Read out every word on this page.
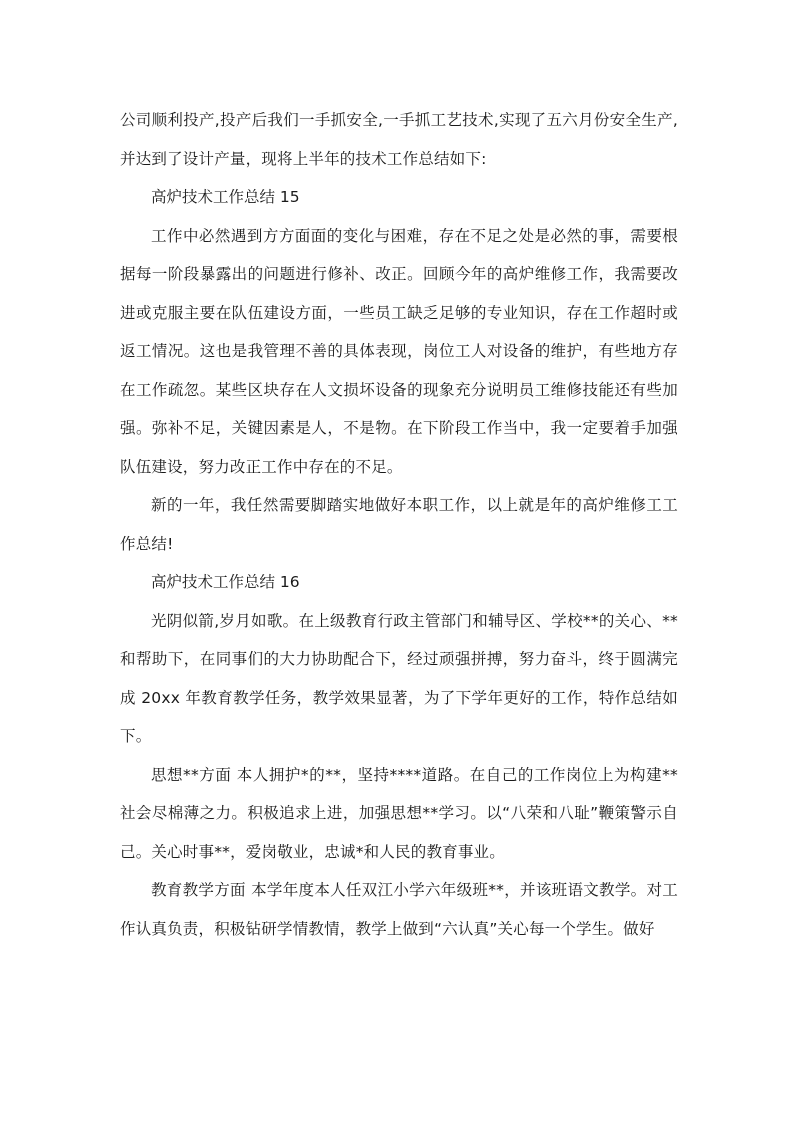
公司顺利投产,投产后我们一手抓安全,一手抓工艺技术,实现了五六月份安全生产,并达到了设计产量，现将上半年的技术工作总结如下:

高炉技术工作总结 15

工作中必然遇到方方面面的变化与困难，存在不足之处是必然的事，需要根据每一阶段暴露出的问题进行修补、改正。回顾今年的高炉维修工作，我需要改进或克服主要在队伍建设方面，一些员工缺乏足够的专业知识，存在工作超时或返工情况。这也是我管理不善的具体表现，岗位工人对设备的维护，有些地方存在工作疏忽。某些区块存在人文损坏设备的现象充分说明员工维修技能还有些加强。弥补不足，关键因素是人，不是物。在下阶段工作当中，我一定要着手加强队伍建设，努力改正工作中存在的不足。

新的一年，我任然需要脚踏实地做好本职工作，以上就是年的高炉维修工工作总结!

高炉技术工作总结 16

光阴似箭,岁月如歌。在上级教育行政主管部门和辅导区、学校**的关心、**和帮助下，在同事们的大力协助配合下，经过顽强拼搏，努力奋斗，终于圆满完成 20xx 年教育教学任务，教学效果显著，为了下学年更好的工作，特作总结如下。

思想**方面 本人拥护*的**，坚持****道路。在自己的工作岗位上为构建**社会尽棉薄之力。积极追求上进，加强思想**学习。以“八荣和八耻”鞭策警示自己。关心时事**，爱岗敬业，忠诚*和人民的教育事业。

教育教学方面 本学年度本人任双江小学六年级班**，并该班语文教学。对工作认真负责，积极钻研学情教情，教学上做到“六认真”关心每一个学生。做好
